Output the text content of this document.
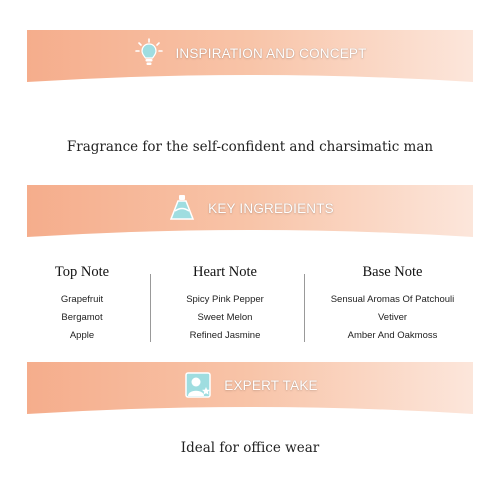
INSPIRATION AND CONCEPT
Fragrance for the self-confident and charsimatic man
KEY INGREDIENTS
Top Note
Grapefruit
Bergamot
Apple
Heart Note
Spicy Pink Pepper
Sweet Melon
Refined Jasmine
Base Note
Sensual Aromas Of Patchouli
Vetiver
Amber And Oakmoss
EXPERT TAKE
Ideal for office wear
